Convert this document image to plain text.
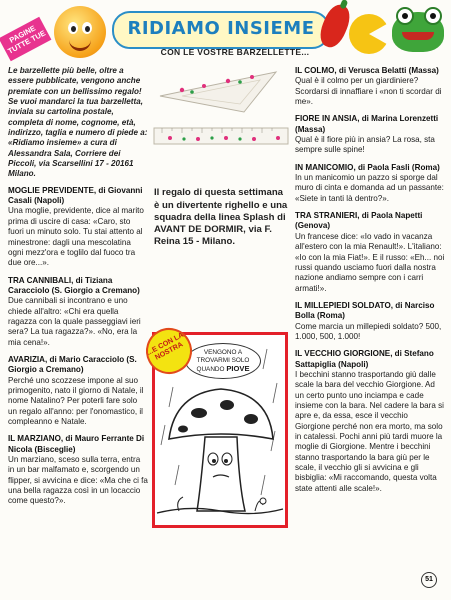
PAGINE TUTTE TUE	RIDIAMO INSIEME
CON LE VOSTRE BARZELLETTE...

Le barzellette più belle, oltre a essere pubblicate, vengono anche premiate con un bellissimo regalo! Se vuoi mandarci la tua barzelletta, inviala su cartolina postale, completa di nome, cognome, età, indirizzo, taglia e numero di piede a: «Ridiamo insieme» a cura di Alessandra Sala, Corriere dei Piccoli, via Scarsellini 17 - 20161 Milano.

MOGLIE PREVIDENTE, di Giovanni Casali (Napoli)

Una moglie, previdente, dice al marito prima di uscire di casa: «Caro, sto fuori un minuto solo. Tu stai attento al minestrone: dagli una mescolatina ogni mezz'ora e toglilo dal fuoco tra due ore...».

TRA CANNIBALI, di Tiziana Caracciolo (S. Giorgio a Cremano)

Due cannibali si incontrano e uno chiede all'altro: «Chi era quella ragazza con la quale passeggiavi ieri sera? La tua ragazza?». «No, era la mia cena!».

AVARIZIA, di Mario Caracciolo (S. Giorgio a Cremano)

Perché uno scozzese impone al suo primogenito, nato il giorno di Natale, il nome Natalino? Per poterli fare solo un regalo all'anno: per l'onomastico, il compleanno e Natale.

IL MARZIANO, di Mauro Ferrante Di Nicola (Bisceglie)

Un marziano, sceso sulla terra, entra in un bar malfamato e, scorgendo un flipper, si avvicina e dice: «Ma che ci fa una bella ragazza così in un locaccio come questo?».

Il regalo di questa settimana è un divertente righello e una squadra della linea Splash di AVANT DE DORMIR, via F. Reina 15 - Milano.

VENGONO A
TROVARMI SOLO
QUANDO PIOVE
...E CON LA NOSTRA

IL COLMO, di Verusca Belatti (Massa)

Qual è il colmo per un giardiniere? Scordarsi di innaffiare i «non ti scordar di me».

FIORE IN ANSIA, di Marina Lorenzetti (Massa)

Qual è il fiore più in ansia? La rosa, sta sempre sulle spine!

IN MANICOMIO, di Paola Fasli (Roma)

In un manicomio un pazzo si sporge dal muro di cinta e domanda ad un passante: «Siete in tanti là dentro?».

TRA STRANIERI, di Paola Napetti (Genova)

Un francese dice: «Io vado in vacanza all'estero con la mia Renault!». L'italiano: «Io con la mia Fiat!». E il russo: «Eh... noi russi quando usciamo fuori dalla nostra nazione andiamo sempre con i carri armati!».

IL MILLEPIEDI SOLDATO, di Narciso Bolla (Roma)

Come marcia un millepiedi soldato? 500, 1.000, 500, 1.000!

IL VECCHIO GIORGIONE, di Stefano Sattapiglia (Napoli)

I becchini stanno trasportando giù dalle scale la bara del vecchio Giorgione. Ad un certo punto uno inciampa e cade insieme con la bara. Nel cadere la bara si apre e, da essa, esce il vecchio Giorgione perché non era morto, ma solo in catalessi. Pochi anni più tardi muore la moglie di Giorgione. Mentre i becchini stanno trasportando la bara giù per le scale, il vecchio gli si avvicina e gli bisbiglia: «Mi raccomando, questa volta state attenti alle scale!».

51
